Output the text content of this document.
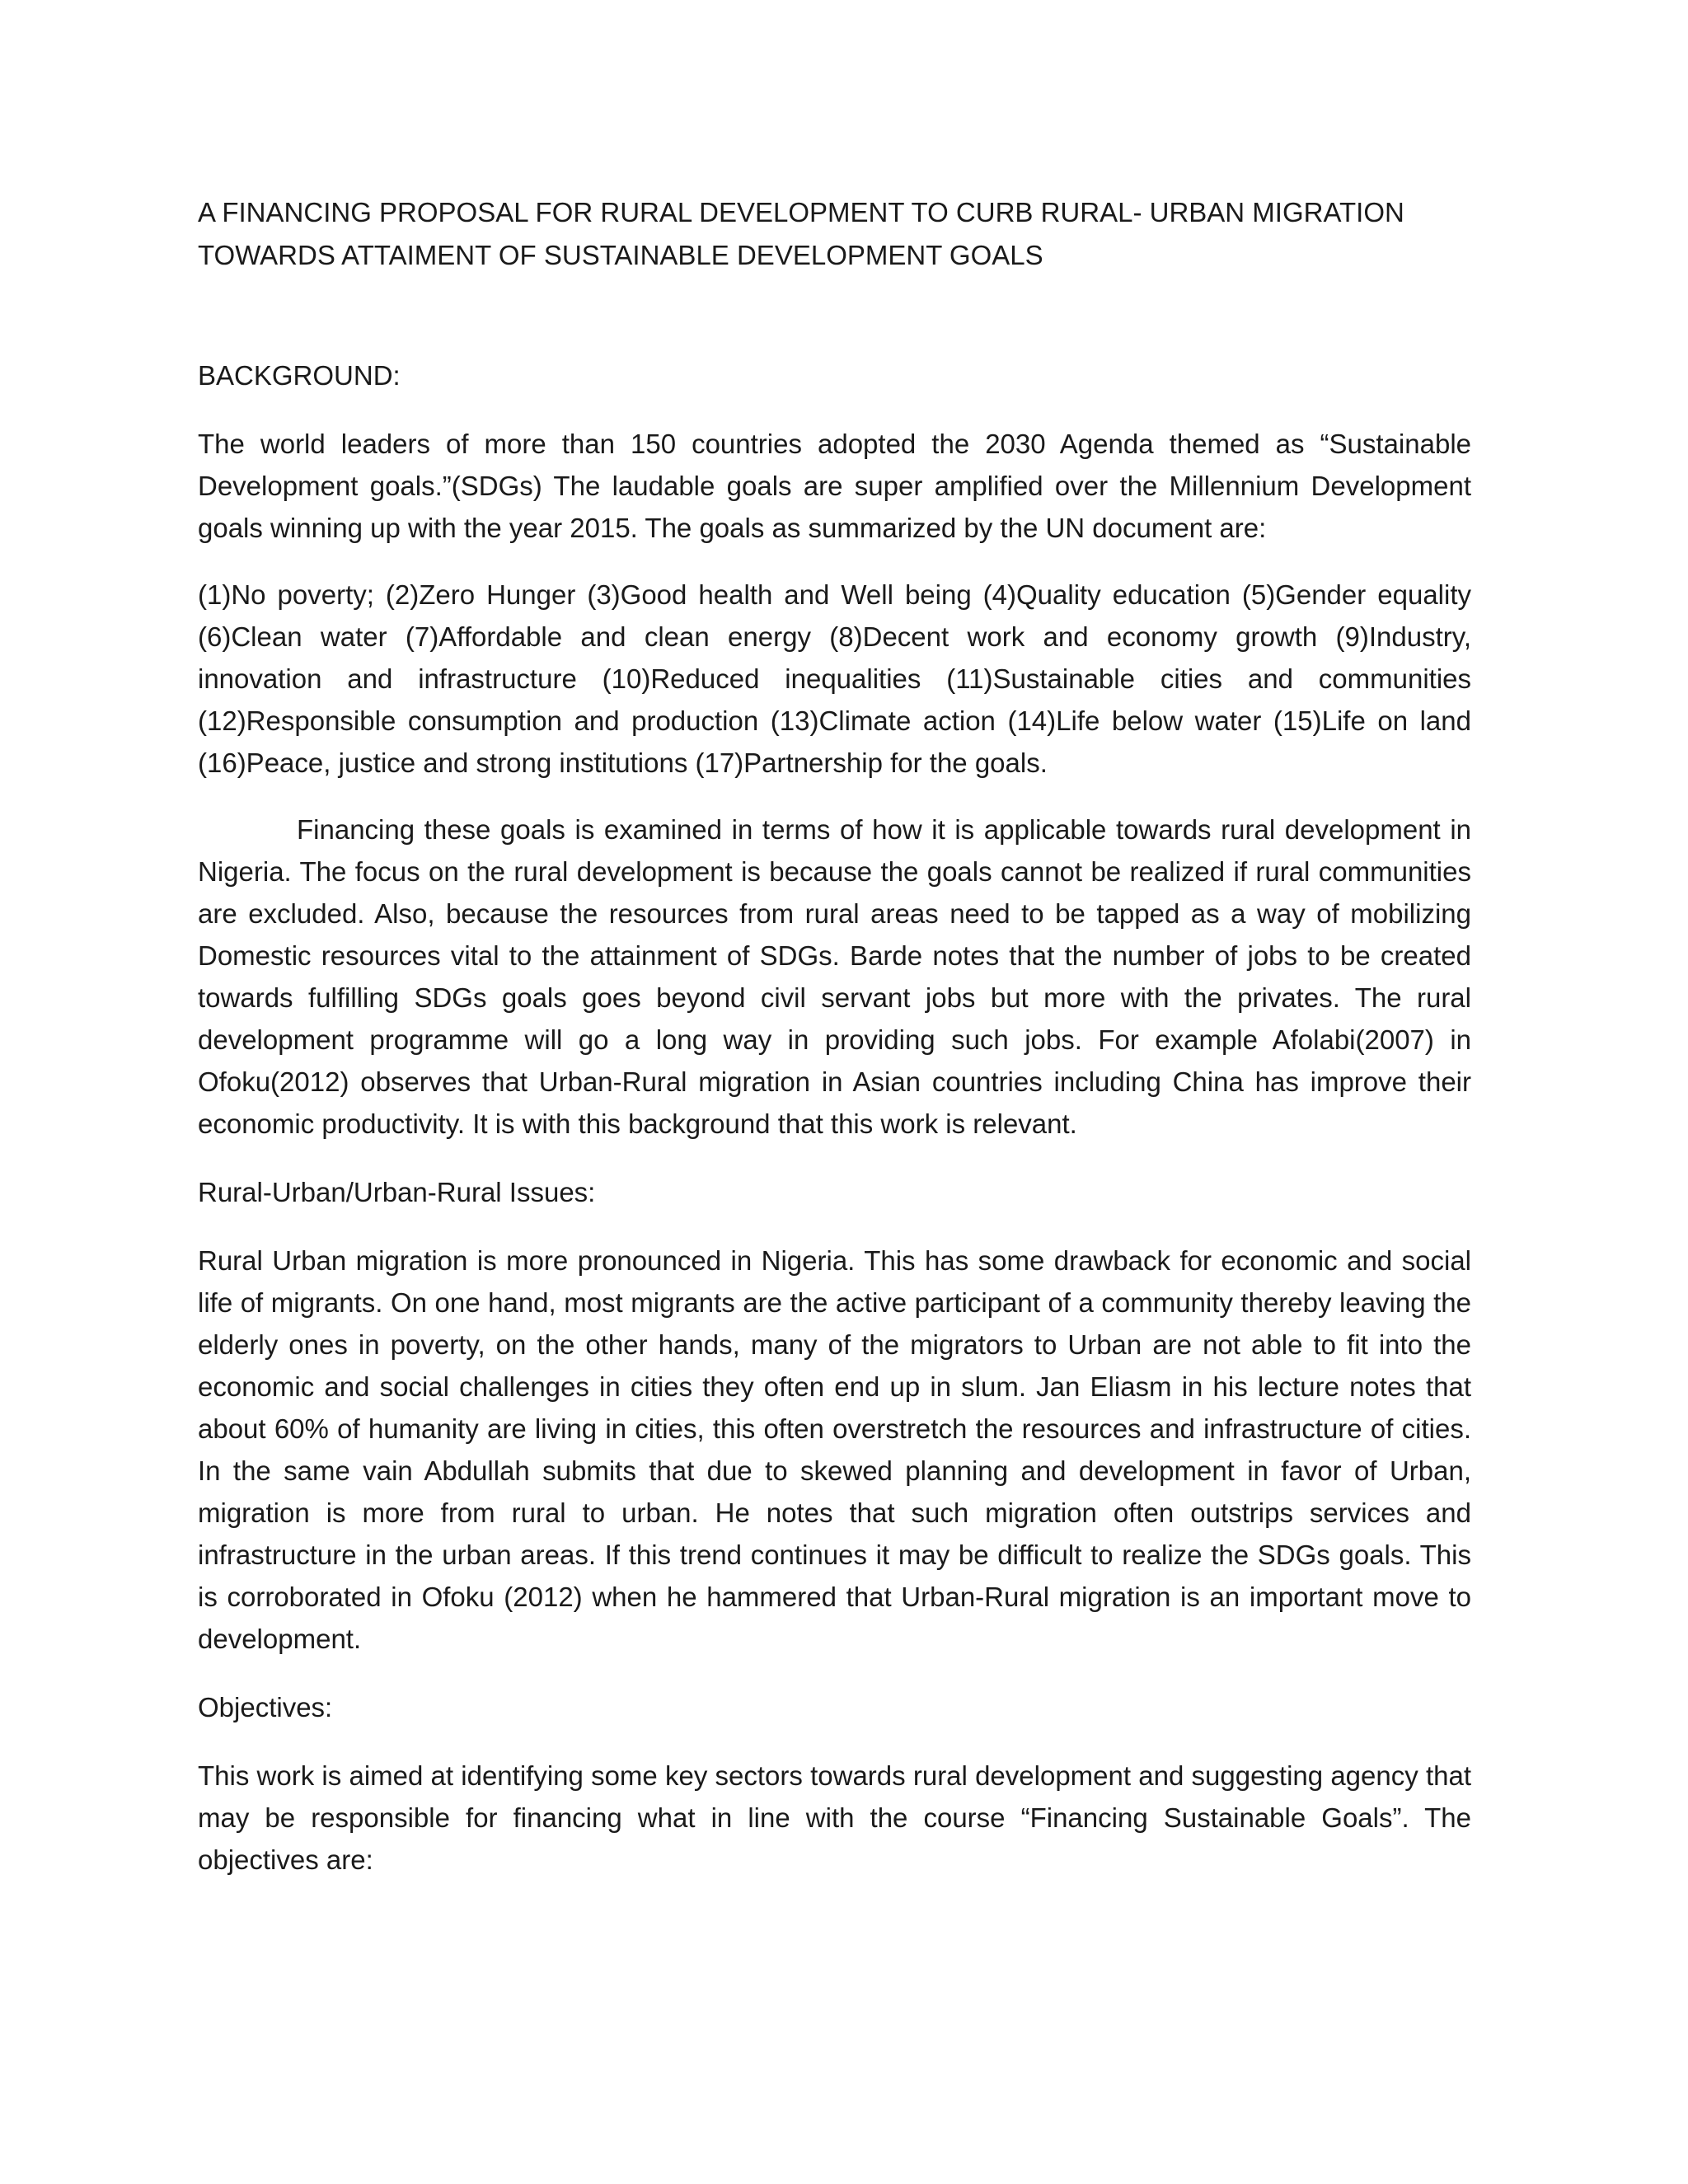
A FINANCING PROPOSAL FOR RURAL DEVELOPMENT TO CURB RURAL- URBAN MIGRATION TOWARDS ATTAIMENT OF SUSTAINABLE DEVELOPMENT GOALS

BACKGROUND:

The world leaders of more than 150 countries adopted the 2030 Agenda themed as “Sustainable Development goals.”(SDGs) The laudable goals are super amplified over the Millennium Development goals winning up with the year 2015. The goals as summarized by the UN document are:

(1)No poverty; (2)Zero Hunger (3)Good health and Well being (4)Quality education (5)Gender equality (6)Clean water (7)Affordable and clean energy (8)Decent work and economy growth (9)Industry, innovation and infrastructure (10)Reduced inequalities (11)Sustainable cities and communities (12)Responsible consumption and production (13)Climate action (14)Life below water (15)Life on land (16)Peace, justice and strong institutions (17)Partnership for the goals.

Financing these goals is examined in terms of how it is applicable towards rural development in Nigeria. The focus on the rural development is because the goals cannot be realized if rural communities are excluded. Also, because the resources from rural areas need to be tapped as a way of mobilizing Domestic resources vital to the attainment of SDGs. Barde notes that the number of jobs to be created towards fulfilling SDGs goals goes beyond civil servant jobs but more with the privates. The rural development programme will go a long way in providing such jobs. For example Afolabi(2007) in Ofoku(2012) observes that Urban-Rural migration in Asian countries including China has improve their economic productivity. It is with this background that this work is relevant.

Rural-Urban/Urban-Rural Issues:

Rural Urban migration is more pronounced in Nigeria. This has some drawback for economic and social life of migrants. On one hand, most migrants are the active participant of a community thereby leaving the elderly ones in poverty, on the other hands, many of the migrators to Urban are not able to fit into the economic and social challenges in cities they often end up in slum. Jan Eliasm in his lecture notes that about 60% of humanity are living in cities, this often overstretch the resources and infrastructure of cities. In the same vain Abdullah submits that due to skewed planning and development in favor of Urban, migration is more from rural to urban. He notes that such migration often outstrips services and infrastructure in the urban areas. If this trend continues it may be difficult to realize the SDGs goals. This is corroborated in Ofoku (2012) when he hammered that Urban-Rural migration is an important move to development.

Objectives:

This work is aimed at identifying some key sectors towards rural development and suggesting agency that may be responsible for financing what in line with the course “Financing Sustainable Goals”. The objectives are:
